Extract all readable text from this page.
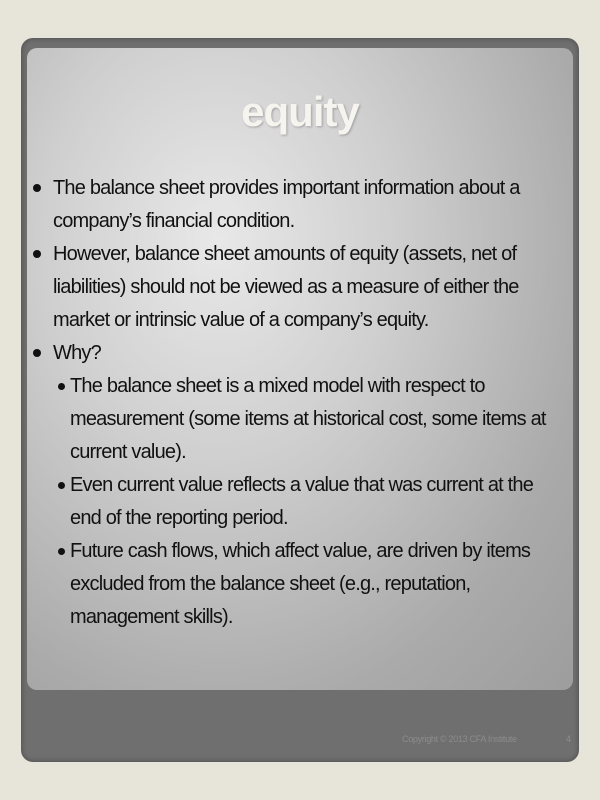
equity
The balance sheet provides important information about a company’s financial condition.
However, balance sheet amounts of equity (assets, net of liabilities) should not be viewed as a measure of either the market or intrinsic value of a company’s equity.
Why?
The balance sheet is a mixed model with respect to measurement (some items at historical cost, some items at current value).
Even current value reflects a value that was current at the end of the reporting period.
Future cash flows, which affect value, are driven by items excluded from the balance sheet (e.g., reputation, management skills).
Copyright © 2013 CFA Institute	4
